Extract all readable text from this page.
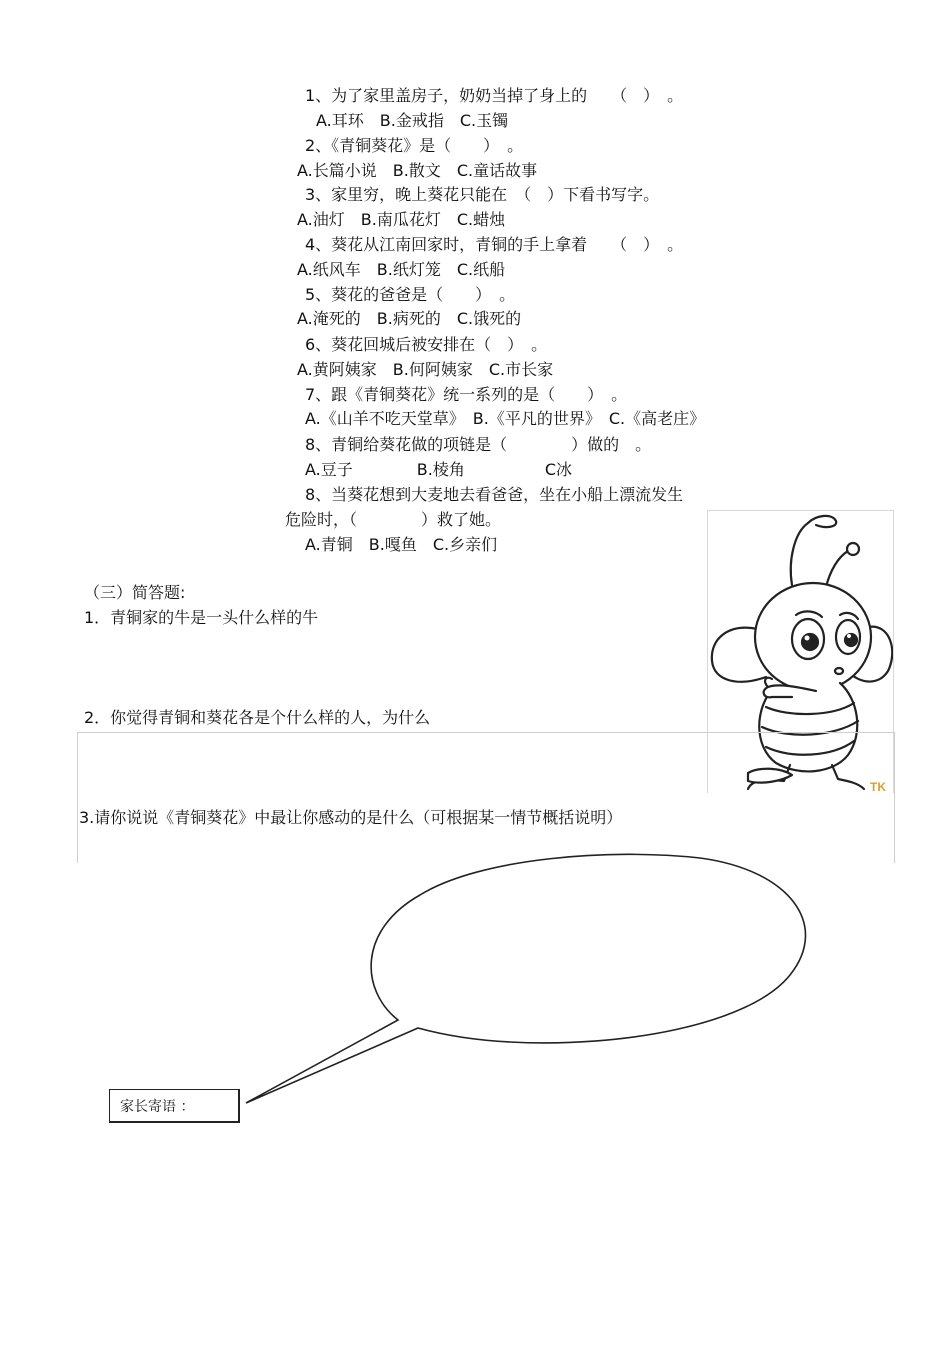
1、为了家里盖房子，奶奶当掉了身上的　　（　）　。
A.耳环　B.金戒指　C.玉镯
2、《青铜葵花》是（　　）　。
A.长篇小说　B.散文　C.童话故事
3、家里穷，晚上葵花只能在　（　）下看书写字。
A.油灯　B.南瓜花灯　C.蜡烛
4、葵花从江南回家时，青铜的手上拿着　　（　）　。
A.纸风车　B.纸灯笼　C.纸船
5、葵花的爸爸是（　　）　。
A.淹死的　B.病死的　C.饿死的
6、葵花回城后被安排在（　）　。
A.黄阿姨家　B.何阿姨家　C.市长家
7、跟《青铜葵花》统一系列的是（　　）　。
A.《山羊不吃天堂草》　B.《平凡的世界》　C.《高老庄》
8、青铜给葵花做的项链是（　　　　）做的　。
A.豆子　　　　B.棱角　　　　　C冰
8、当葵花想到大麦地去看爸爸，坐在小船上漂流发生
危险时，（　　　　）救了她。
A.青铜　B.嘎鱼　C.乡亲们
TK
（三）简答题:
1．青铜家的牛是一头什么样的牛
2．你觉得青铜和葵花各是个什么样的人，为什么
3.请你说说《青铜葵花》中最让你感动的是什么（可根据某一情节概括说明）
家长寄语 ：
